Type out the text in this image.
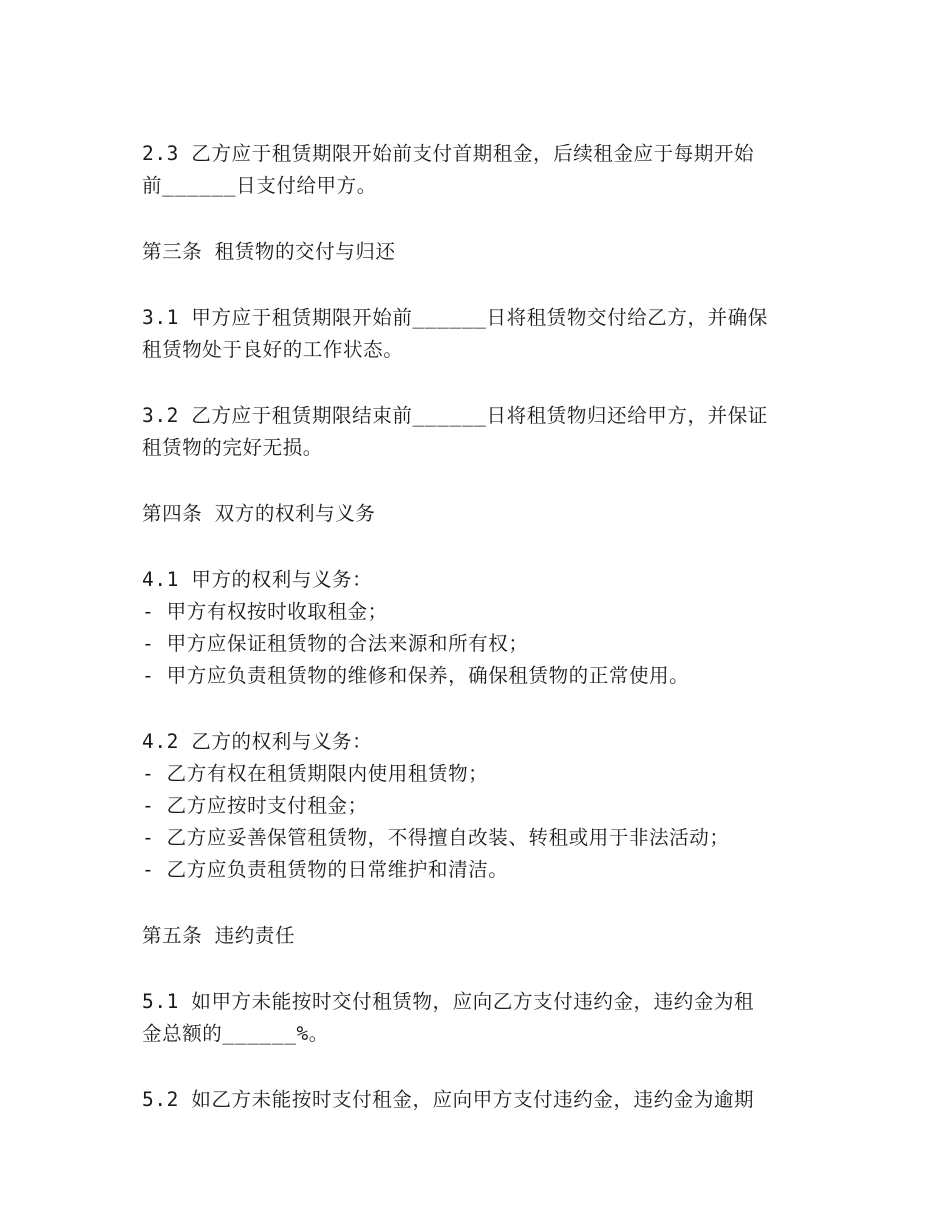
2.3 乙方应于租赁期限开始前支付首期租金，后续租金应于每期开始
前______日支付给甲方。
第三条 租赁物的交付与归还
3.1 甲方应于租赁期限开始前______日将租赁物交付给乙方，并确保
租赁物处于良好的工作状态。
3.2 乙方应于租赁期限结束前______日将租赁物归还给甲方，并保证
租赁物的完好无损。
第四条 双方的权利与义务
4.1 甲方的权利与义务：
- 甲方有权按时收取租金；
- 甲方应保证租赁物的合法来源和所有权；
- 甲方应负责租赁物的维修和保养，确保租赁物的正常使用。
4.2 乙方的权利与义务：
- 乙方有权在租赁期限内使用租赁物；
- 乙方应按时支付租金；
- 乙方应妥善保管租赁物，不得擅自改装、转租或用于非法活动；
- 乙方应负责租赁物的日常维护和清洁。
第五条 违约责任
5.1 如甲方未能按时交付租赁物，应向乙方支付违约金，违约金为租
金总额的______%。
5.2 如乙方未能按时支付租金，应向甲方支付违约金，违约金为逾期
